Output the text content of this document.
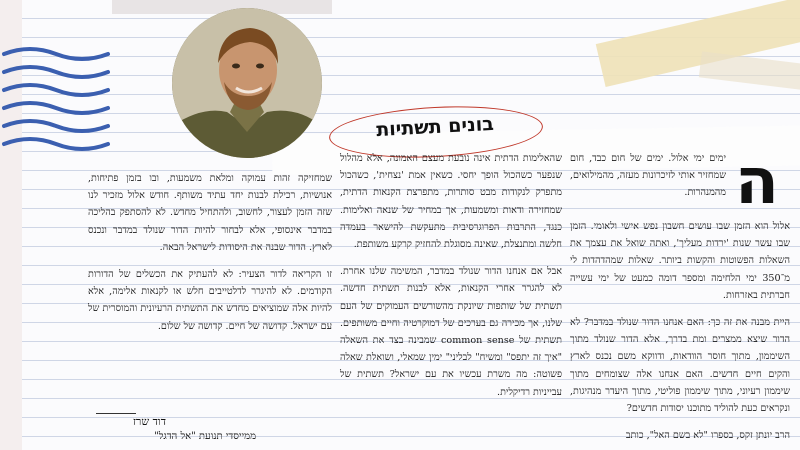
בונים תשתיות
ה

ימים ימי אלול. ימים של חום כבד, חום שמחזיר אותי לזיכרונות מעזה, מהמילואים, מהמנהרות.

אלול הוא הזמן שבו עושים חשבון נפש אישי ולאומי. הזמן שבו עשר שנות 'ירדות מעליך', ואתה שואל את עצמך את השאלות הפשוטות והקשות ביותר. שאלות שמהדהדות לי מ־350 ימי הלחימה ומספר דומה כמעט של ימי עשייה חברתית באזרחות.

היית מבנה את זה כך: האם אנחנו הדור שנולד במדבר? לא הדור שיצא ממצרים ומת בדרך, אלא הדור שנולד מתוך השיממון, מתוך חוסר הוודאות, ודווקא משם נכנס לארץ והקים חיים חדשים. האם אנחנו אלה שצומחים מתוך שיממון רעיוני, מתוך שיממון פוליטי, מתוך היעדר מנהיגות, ונקראים כעת להוליד מתוכנו יסודות חדשים?

הרב יונתן זקס, בספרו "לא בשם האל", כותב

שהאלימות הדתית אינה נובעת מעצם האמונה, אלא מהלול שנפער כשהכול הופך יחסי. כשאין אמת 'נצחית', כשהכול מתפרק לנקודות מבט סותרות, מתפרצת הקנאות הדתית, שמחזירה ודאות ומשמעות, אך במחיר של שנאה ואלימות. כנגד, התרבות הפרוגרסיבית מתעקשת להישאר בעמדה חלשה ומתנצלת, שאינה מסוגלת להחזיק קרקע משותפת.

אבל אם אנחנו הדור שנולד במדבר, המשימה שלנו אחרת. לא להגרר אחרי הקנאות, אלא לבנות תשתית חדשה. תשתית של שותפות שיונקת מהשורשים העמוקים של העם שלנו, אך מכירה גם בערכים של דמוקרטיה וחיים משותפים. תשתית של common sense שמבינה בצד את השאלה "איך זה יתפס" ומשיח" לבליני" ימין שמאלי, ושואלת שאלה פשוטה: מה משרת עכשיו את עם ישראל? תשתית של עבייניות רדיקלית.

שמחזיקה זהות עמוקה ומלאת משמעות, ובו בזמן פתיחות, אנושיות, רכילת לבנות יחד עתיד משותף. חודש אלול מזכיר לנו שזה הזמן לעצור, לחשוב, ולהתחיל מחדש. לא להסתפק בהליכה במדבר אינסופי, אלא לבחור להיות הדור שנולד במדבר ונכנס לארץ. הדור שבנה את היסודות לישראל הבאה.

זו הקריאה לדור הצעיר: לא להעתיק את הכשלים של הדורות הקודמים. לא להיגרר לדלטייבים חלש או לקנאות אלימה, אלא להיות אלה שמוציאים מחדש את התשתית הרעיונית והמוסרית של עם ישראל. קדושה של חיים. קדושה של שלום.

דוד שרז
ממייסדי תנועת "אל הדגל"
